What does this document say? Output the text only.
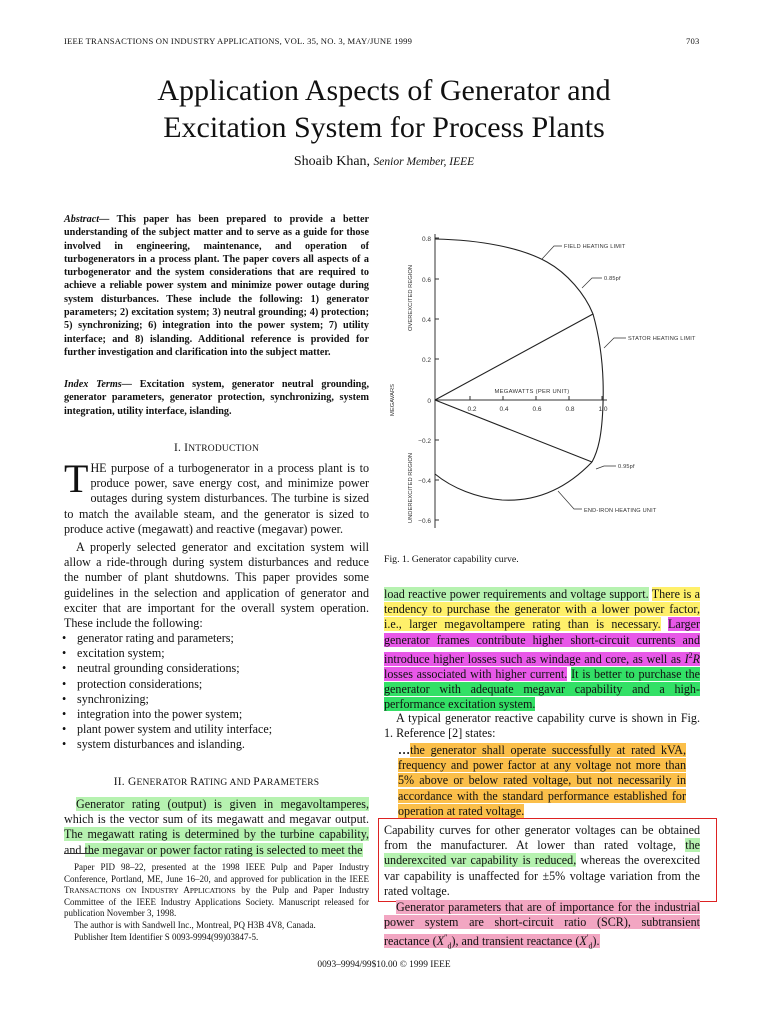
IEEE TRANSACTIONS ON INDUSTRY APPLICATIONS, VOL. 35, NO. 3, MAY/JUNE 1999	703
Application Aspects of Generator and
Excitation System for Process Plants
Shoaib Khan, Senior Member, IEEE
Abstract— This paper has been prepared to provide a better understanding of the subject matter and to serve as a guide for those involved in engineering, maintenance, and operation of turbogenerators in a process plant. The paper covers all aspects of a turbogenerator and the system considerations that are required to achieve a reliable power system and minimize power outage during system disturbances. These include the following: 1) generator parameters; 2) excitation system; 3) neutral grounding; 4) protection; 5) synchronizing; 6) integration into the power system; 7) utility interface; and 8) islanding. Additional reference is provided for further investigation and clarification into the subject matter.
Index Terms— Excitation system, generator neutral grounding, generator parameters, generator protection, synchronizing, system integration, utility interface, islanding.
I. INTRODUCTION
THE purpose of a turbogenerator in a process plant is to produce power, save energy cost, and minimize power outages during system disturbances. The turbine is sized to match the available steam, and the generator is sized to produce active (megawatt) and reactive (megavar) power.
A properly selected generator and excitation system will allow a ride-through during system disturbances and reduce the number of plant shutdowns. This paper provides some guidelines in the selection and application of generator and exciter that are important for the overall system operation. These include the following:
• generator rating and parameters;
• excitation system;
• neutral grounding considerations;
• protection considerations;
• synchronizing;
• integration into the power system;
• plant power system and utility interface;
• system disturbances and islanding.
II. GENERATOR RATING AND PARAMETERS
Generator rating (output) is given in megavoltamperes, which is the vector sum of its megawatt and megavar output. The megawatt rating is determined by the turbine capability, and the megavar or power factor rating is selected to meet the
Paper PID 98–22, presented at the 1998 IEEE Pulp and Paper Industry Conference, Portland, ME, June 16–20, and approved for publication in the IEEE TRANSACTIONS ON INDUSTRY APPLICATIONS by the Pulp and Paper Industry Committee of the IEEE Industry Applications Society. Manuscript released for publication November 3, 1998.
The author is with Sandwell Inc., Montreal, PQ H3B 4V8, Canada.
Publisher Item Identifier S 0093-9994(99)03847-5.
0.8
0.6
0.4
0.2
0
−0.2
−0.4
−0.6
0.2	0.4	0.6	0.8	1.0
MEGAWATTS (PER UNIT)
OVEREXCITED REGION
MEGAVARS
UNDEREXCITED REGION
FIELD HEATING LIMIT
0.85pf
STATOR HEATING LIMIT
0.95pf
END-IRON HEATING UNIT
Fig. 1. Generator capability curve.
load reactive power requirements and voltage support. There is a tendency to purchase the generator with a lower power factor, i.e., larger megavoltampere rating than is necessary. Larger generator frames contribute higher short-circuit currents and introduce higher losses such as windage and core, as well as $I^2R$ losses associated with higher current. It is better to purchase the generator with adequate megavar capability and a high-performance excitation system.
A typical generator reactive capability curve is shown in Fig. 1. Reference [2] states:
…the generator shall operate successfully at rated kVA, frequency and power factor at any voltage not more than 5% above or below rated voltage, but not necessarily in accordance with the standard performance established for operation at rated voltage.
Capability curves for other generator voltages can be obtained from the manufacturer. At lower than rated voltage, the underexcited var capability is reduced, whereas the overexcited var capability is unaffected for ±5% voltage variation from the rated voltage.
Generator parameters that are of importance for the industrial power system are short-circuit ratio (SCR), subtransient reactance $(X''_d)$, and transient reactance $(X'_d)$.
0093–9994/99$10.00 © 1999 IEEE
